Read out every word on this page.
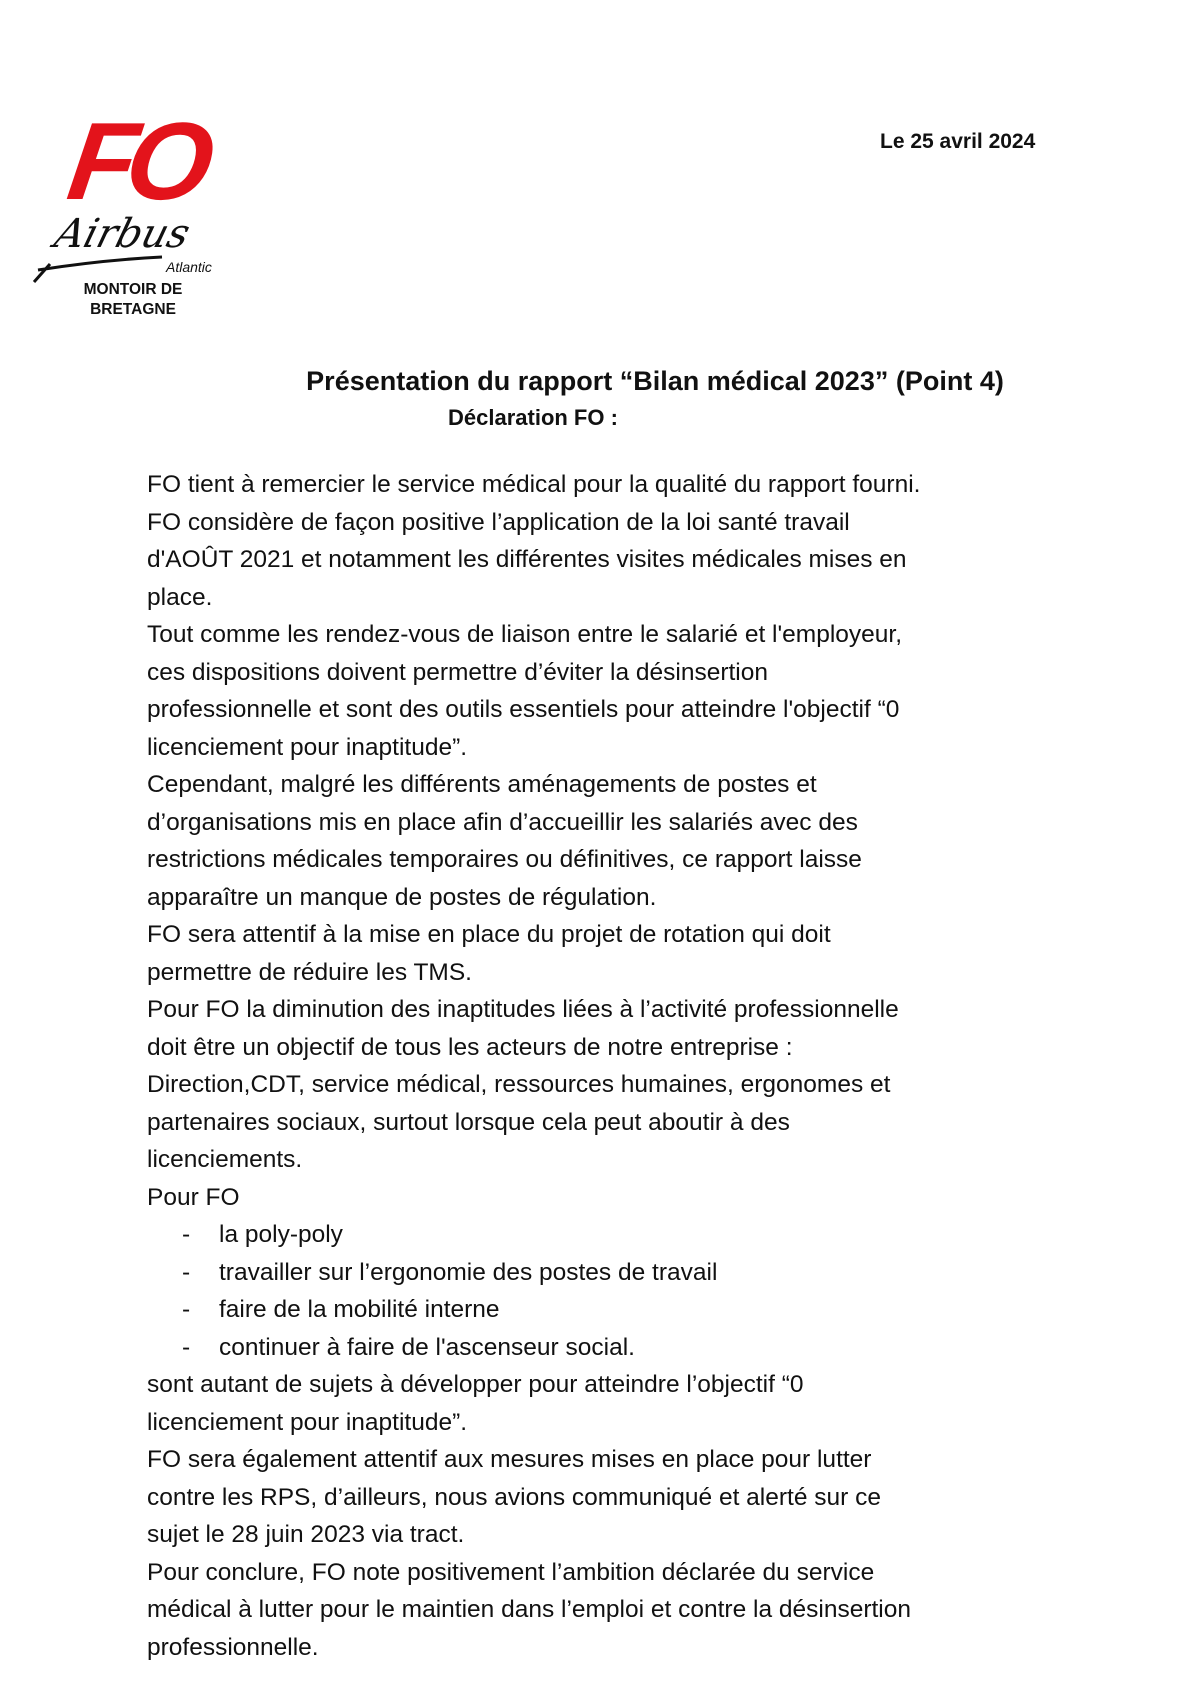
FO
Airbus
Atlantic
MONTOIR DE
BRETAGNE
Le 25 avril 2024
Présentation du rapport “Bilan médical 2023” (Point 4)
Déclaration FO :
FO tient à remercier le service médical pour la qualité du rapport fourni.
FO considère de façon positive l’application de la loi santé travail
d'AOÛT 2021 et notamment les différentes visites médicales mises en
place.
Tout comme les rendez-vous de liaison entre le salarié et l'employeur,
ces dispositions doivent permettre d’éviter la désinsertion
professionnelle et sont des outils essentiels pour atteindre l'objectif “0
licenciement pour inaptitude”.
Cependant, malgré les différents aménagements de postes et
d’organisations mis en place afin d’accueillir les salariés avec des
restrictions médicales temporaires ou définitives, ce rapport laisse
apparaître un manque de postes de régulation.
FO sera attentif à la mise en place du projet de rotation qui doit
permettre de réduire les TMS.
Pour FO la diminution des inaptitudes liées à l’activité professionnelle
doit être un objectif de tous les acteurs de notre entreprise :
Direction,CDT, service médical, ressources humaines, ergonomes et
partenaires sociaux, surtout lorsque cela peut aboutir à des
licenciements.
Pour FO
- la poly-poly
- travailler sur l’ergonomie des postes de travail
- faire de la mobilité interne
- continuer à faire de l'ascenseur social.
sont autant de sujets à développer pour atteindre l’objectif “0
licenciement pour inaptitude”.
FO sera également attentif aux mesures mises en place pour lutter
contre les RPS, d’ailleurs, nous avions communiqué et alerté sur ce
sujet le 28 juin 2023 via tract.
Pour conclure, FO note positivement l’ambition déclarée du service
médical à lutter pour le maintien dans l’emploi et contre la désinsertion
professionnelle.
